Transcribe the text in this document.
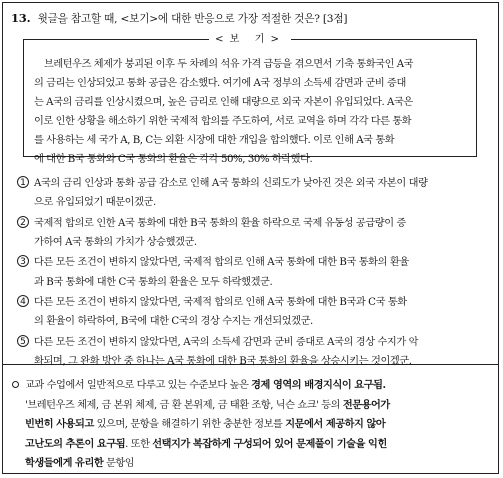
13. 윗글을 참고할 때, <보기>에 대한 반응으로 가장 적절한 것은? [3점]
<보 기>
브레턴우즈 체제가 붕괴된 이후 두 차례의 석유 가격 급등을 겪으면서 기축 통화국인 A국
의 금리는 인상되었고 통화 공급은 감소했다. 여기에 A국 정부의 소득세 감면과 군비 증대
는 A국의 금리를 인상시켰으며, 높은 금리로 인해 대량으로 외국 자본이 유입되었다. A국은
이로 인한 상황을 해소하기 위한 국제적 합의를 주도하여, 서로 교역을 하며 각각 다른 통화
를 사용하는 세 국가 A, B, C는 외환 시장에 대한 개입을 합의했다. 이로 인해 A국 통화
에 대한 B국 통화와 C국 통화의 환율은 각각 50%, 30% 하락했다.
1 A국의 금리 인상과 통화 공급 감소로 인해 A국 통화의 신뢰도가 낮아진 것은 외국 자본이 대량
으로 유입되었기 때문이겠군.
2 국제적 합의로 인한 A국 통화에 대한 B국 통화의 환율 하락으로 국제 유동성 공급량이 증
가하여 A국 통화의 가치가 상승했겠군.
3 다른 모든 조건이 변하지 않았다면, 국제적 합의로 인해 A국 통화에 대한 B국 통화의 환율
과 B국 통화에 대한 C국 통화의 환율은 모두 하락했겠군.
4 다른 모든 조건이 변하지 않았다면, 국제적 합의로 인해 A국 통화에 대한 B국과 C국 통화
의 환율이 하락하여, B국에 대한 C국의 경상 수지는 개선되었겠군.
5 다른 모든 조건이 변하지 않았다면, A국의 소득세 감면과 군비 증대로 A국의 경상 수지가 악
화되며, 그 완화 방안 중 하나는 A국 통화에 대한 B국 통화의 환율을 상승시키는 것이겠군.
교과 수업에서 일반적으로 다루고 있는 수준보다 높은 경제 영역의 배경지식이 요구됨.
'브레턴우즈 체제, 금 본위 체제, 금 환 본위제, 금 태환 조항, 닉슨 쇼크' 등의 전문용어가
빈번히 사용되고 있으며, 문항을 해결하기 위한 충분한 정보를 지문에서 제공하지 않아
고난도의 추론이 요구됨. 또한 선택지가 복잡하게 구성되어 있어 문제풀이 기술을 익힌
학생들에게 유리한 문항임
